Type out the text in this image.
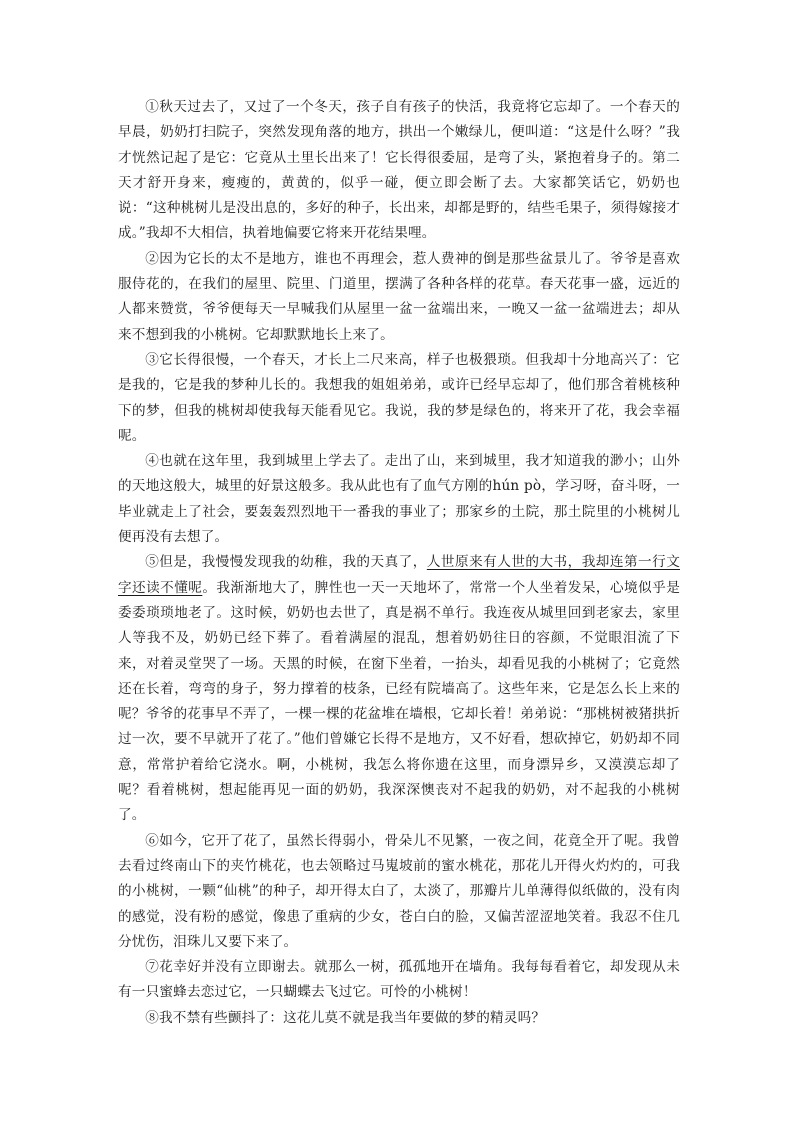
①秋天过去了，又过了一个冬天，孩子自有孩子的快活，我竟将它忘却了。一个春天的早晨，奶奶打扫院子，突然发现角落的地方，拱出一个嫩绿儿，便叫道：“这是什么呀？”我才恍然记起了是它：它竟从土里长出来了！它长得很委屈，是弯了头，紧抱着身子的。第二天才舒开身来，瘦瘦的，黄黄的，似乎一碰，便立即会断了去。大家都笑话它，奶奶也说：“这种桃树儿是没出息的，多好的种子，长出来，却都是野的，结些毛果子，须得嫁接才成。”我却不大相信，执着地偏要它将来开花结果哩。

②因为它长的太不是地方，谁也不再理会，惹人费神的倒是那些盆景儿了。爷爷是喜欢服侍花的，在我们的屋里、院里、门道里，摆满了各种各样的花草。春天花事一盛，远近的人都来赞赏，爷爷便每天一早喊我们从屋里一盆一盆端出来，一晚又一盆一盆端进去；却从来不想到我的小桃树。它却默默地长上来了。

③它长得很慢，一个春天，才长上二尺来高，样子也极猥琐。但我却十分地高兴了：它是我的，它是我的梦种儿长的。我想我的姐姐弟弟，或许已经早忘却了，他们那含着桃核种下的梦，但我的桃树却使我每天能看见它。我说，我的梦是绿色的，将来开了花，我会幸福呢。

④也就在这年里，我到城里上学去了。走出了山，来到城里，我才知道我的渺小；山外的天地这般大，城里的好景这般多。我从此也有了血气方刚的hún pò，学习呀，奋斗呀，一毕业就走上了社会，要轰轰烈烈地干一番我的事业了；那家乡的土院，那土院里的小桃树儿便再没有去想了。

⑤但是，我慢慢发现我的幼稚，我的天真了，人世原来有人世的大书，我却连第一行文字还读不懂呢。我渐渐地大了，脾性也一天一天地坏了，常常一个人坐着发呆，心境似乎是委委琐琐地老了。这时候，奶奶也去世了，真是祸不单行。我连夜从城里回到老家去，家里人等我不及，奶奶已经下葬了。看着满屋的混乱，想着奶奶往日的容颜，不觉眼泪流了下来，对着灵堂哭了一场。天黑的时候，在窗下坐着，一抬头，却看见我的小桃树了；它竟然还在长着，弯弯的身子，努力撑着的枝条，已经有院墙高了。这些年来，它是怎么长上来的呢？爷爷的花事早不弄了，一棵一棵的花盆堆在墙根，它却长着！弟弟说：“那桃树被猪拱折过一次，要不早就开了花了。”他们曾嫌它长得不是地方，又不好看，想砍掉它，奶奶却不同意，常常护着给它浇水。啊，小桃树，我怎么将你遗在这里，而身漂异乡，又漠漠忘却了呢？看着桃树，想起能再见一面的奶奶，我深深懊丧对不起我的奶奶，对不起我的小桃树了。

⑥如今，它开了花了，虽然长得弱小，骨朵儿不见繁，一夜之间，花竟全开了呢。我曾去看过终南山下的夹竹桃花，也去领略过马嵬坡前的蜜水桃花，那花儿开得火灼灼的，可我的小桃树，一颗“仙桃”的种子，却开得太白了，太淡了，那瓣片儿单薄得似纸做的，没有肉的感觉，没有粉的感觉，像患了重病的少女，苍白白的脸，又偏苦涩涩地笑着。我忍不住几分忧伤，泪珠儿又要下来了。

⑦花幸好并没有立即谢去。就那么一树，孤孤地开在墙角。我每每看着它，却发现从未有一只蜜蜂去恋过它，一只蝴蝶去飞过它。可怜的小桃树！

⑧我不禁有些颤抖了：这花儿莫不就是我当年要做的梦的精灵吗？
